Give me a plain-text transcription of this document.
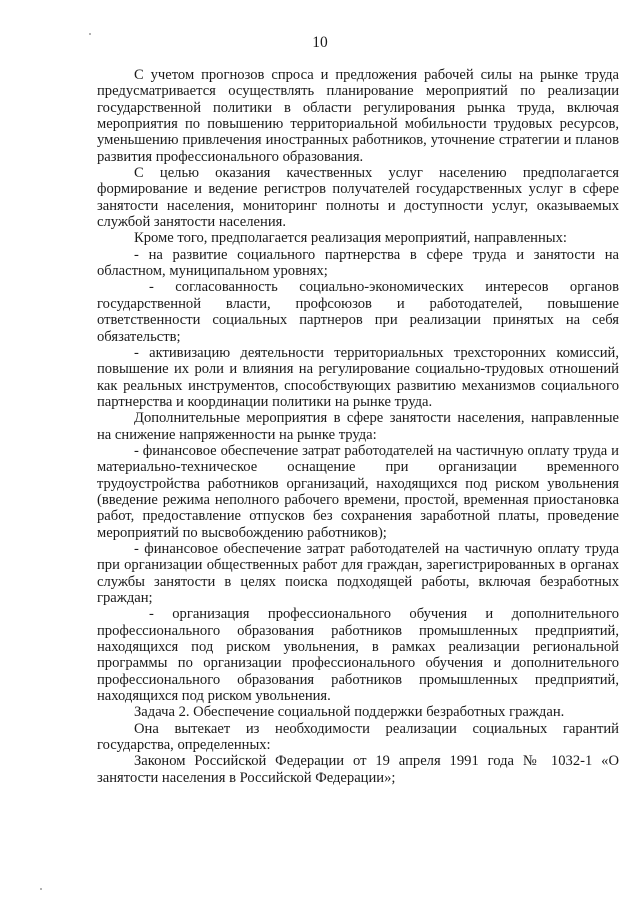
10

С учетом прогнозов спроса и предложения рабочей силы на рынке труда предусматривается осуществлять планирование мероприятий по реализации государственной политики в области регулирования рынка труда, включая мероприятия по повышению территориальной мобильности трудовых ресурсов, уменьшению привлечения иностранных работников, уточнение стратегии и планов развития профессионального образования.

С целью оказания качественных услуг населению предполагается формирование и ведение регистров получателей государственных услуг в сфере занятости населения, мониторинг полноты и доступности услуг, оказываемых службой занятости населения.

Кроме того, предполагается реализация мероприятий, направленных:

- на развитие социального партнерства в сфере труда и занятости на областном, муниципальном уровнях;

- согласованность социально-экономических интересов органов государственной власти, профсоюзов и работодателей, повышение ответственности социальных партнеров при реализации принятых на себя обязательств;

- активизацию деятельности территориальных трехсторонних комиссий, повышение их роли и влияния на регулирование социально-трудовых отношений как реальных инструментов, способствующих развитию механизмов социального партнерства и координации политики на рынке труда.

Дополнительные мероприятия в сфере занятости населения, направленные на снижение напряженности на рынке труда:

- финансовое обеспечение затрат работодателей на частичную оплату труда и материально-техническое оснащение при организации временного трудоустройства работников организаций, находящихся под риском увольнения (введение режима неполного рабочего времени, простой, временная приостановка работ, предоставление отпусков без сохранения заработной платы, проведение мероприятий по высвобождению работников);

- финансовое обеспечение затрат работодателей на частичную оплату труда при организации общественных работ для граждан, зарегистрированных в органах службы занятости в целях поиска подходящей работы, включая безработных граждан;

- организация профессионального обучения и дополнительного профессионального образования работников промышленных предприятий, находящихся под риском увольнения, в рамках реализации региональной программы по организации профессионального обучения и дополнительного профессионального образования работников промышленных предприятий, находящихся под риском увольнения.

Задача 2. Обеспечение социальной поддержки безработных граждан.

Она вытекает из необходимости реализации социальных гарантий государства, определенных:

Законом Российской Федерации от 19 апреля 1991 года № 1032-1 «О занятости населения в Российской Федерации»;
